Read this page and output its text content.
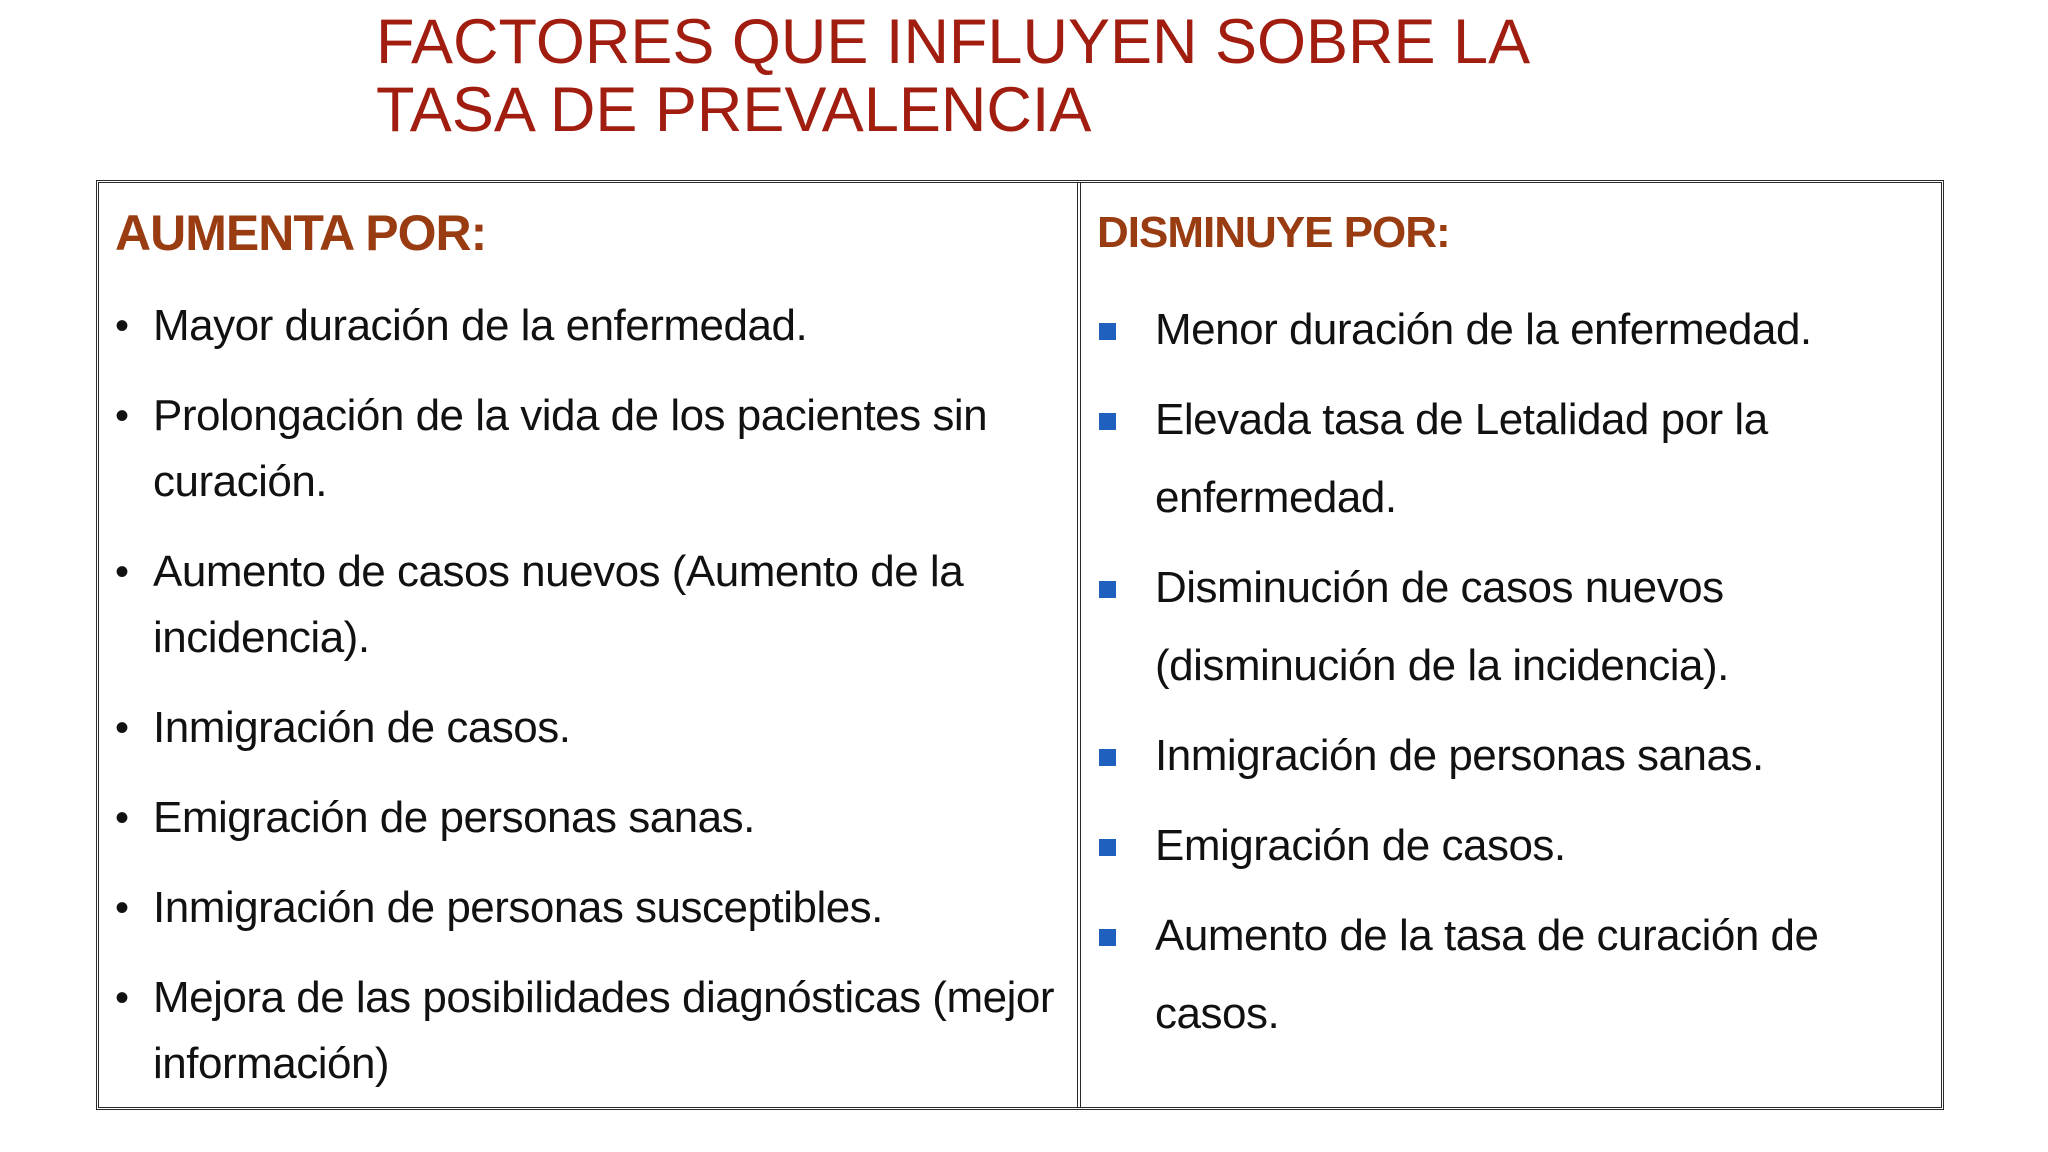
FACTORES QUE INFLUYEN SOBRE LA
TASA DE PREVALENCIA
AUMENTA POR:
• Mayor duración de la enfermedad.
• Prolongación de la vida de los pacientes sin curación.
• Aumento de casos nuevos (Aumento de la incidencia).
• Inmigración de casos.
• Emigración de personas sanas.
• Inmigración de personas susceptibles.
• Mejora de las posibilidades diagnósticas (mejor información)
DISMINUYE POR:
Menor duración de la enfermedad.
Elevada tasa de Letalidad por la enfermedad.
Disminución de casos nuevos (disminución de la incidencia).
Inmigración de personas sanas.
Emigración de casos.
Aumento de la tasa de curación de casos.
